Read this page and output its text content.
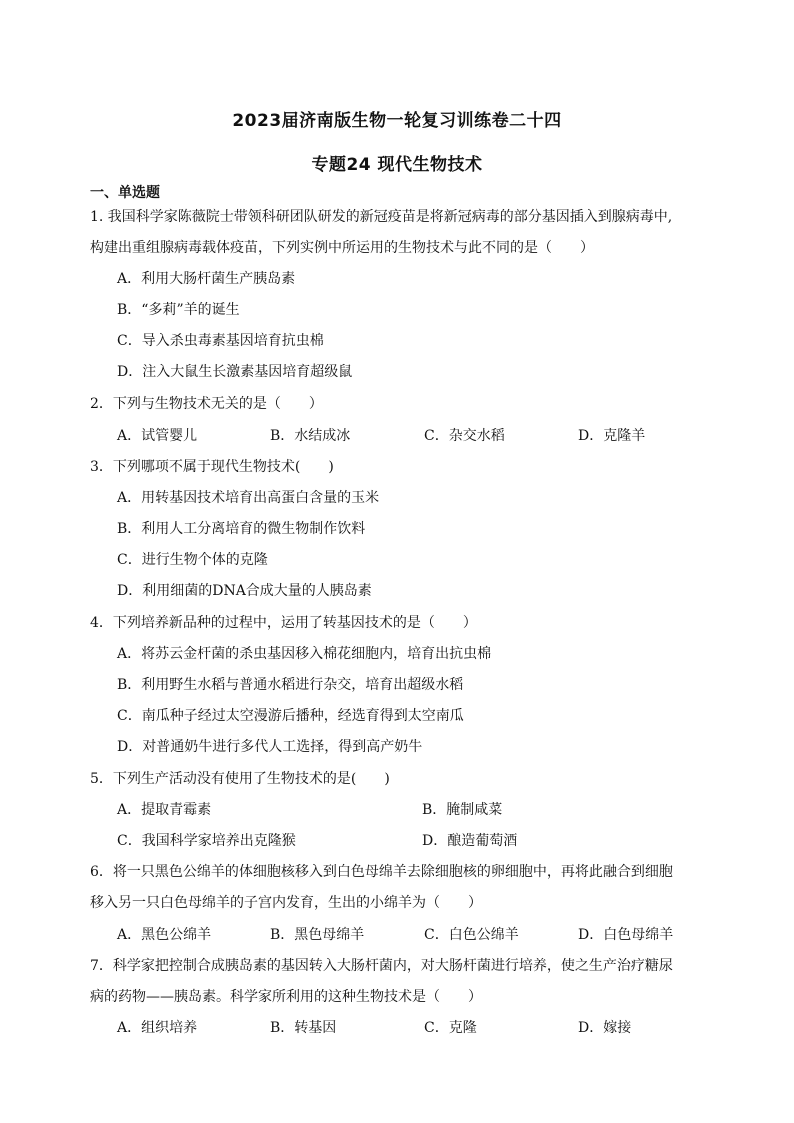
2023届济南版生物一轮复习训练卷二十四
专题24 现代生物技术
一、单选题
1. 我国科学家陈薇院士带领科研团队研发的新冠疫苗是将新冠病毒的部分基因插入到腺病毒中,
构建出重组腺病毒载体疫苗，下列实例中所运用的生物技术与此不同的是（　　）
A．利用大肠杆菌生产胰岛素
B．“多莉”羊的诞生
C．导入杀虫毒素基因培育抗虫棉
D．注入大鼠生长激素基因培育超级鼠
2．下列与生物技术无关的是（　　）
A．试管婴儿	B．水结成冰	C．杂交水稻	D．克隆羊
3．下列哪项不属于现代生物技术(　　)
A．用转基因技术培育出高蛋白含量的玉米
B．利用人工分离培育的微生物制作饮料
C．进行生物个体的克隆
D．利用细菌的DNA合成大量的人胰岛素
4．下列培养新品种的过程中，运用了转基因技术的是（　　）
A．将苏云金杆菌的杀虫基因移入棉花细胞内，培育出抗虫棉
B．利用野生水稻与普通水稻进行杂交，培育出超级水稻
C．南瓜种子经过太空漫游后播种，经选育得到太空南瓜
D．对普通奶牛进行多代人工选择，得到高产奶牛
5．下列生产活动没有使用了生物技术的是(　　)
A．提取青霉素	B．腌制咸菜
C．我国科学家培养出克隆猴	D．酿造葡萄酒
6．将一只黑色公绵羊的体细胞核移入到白色母绵羊去除细胞核的卵细胞中，再将此融合到细胞
移入另一只白色母绵羊的子宫内发育，生出的小绵羊为（　　）
A．黑色公绵羊	B．黑色母绵羊	C．白色公绵羊	D．白色母绵羊
7．科学家把控制合成胰岛素的基因转入大肠杆菌内，对大肠杆菌进行培养，使之生产治疗糖尿
病的药物——胰岛素。科学家所利用的这种生物技术是（　　）
A．组织培养	B．转基因	C．克隆	D．嫁接
